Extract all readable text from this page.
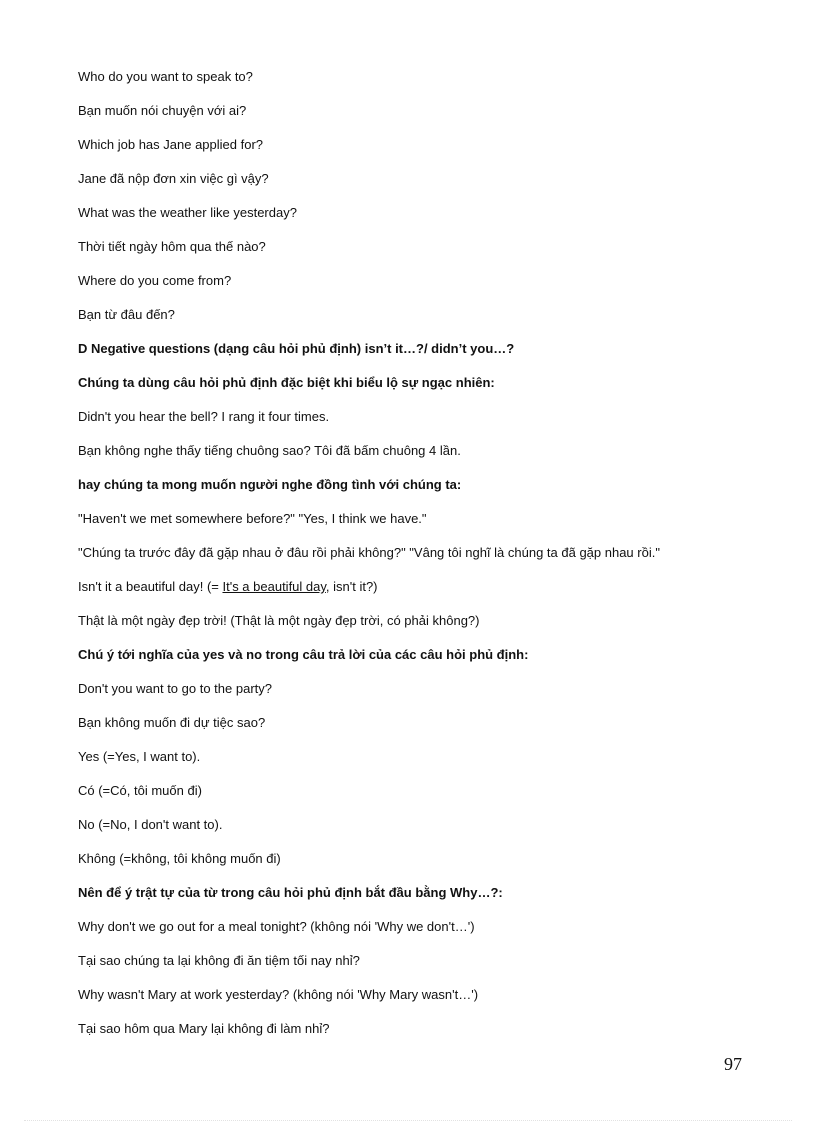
Who do you want to speak to?
Bạn muốn nói chuyện với ai?
Which job has Jane applied for?
Jane đã nộp đơn xin việc gì vậy?
What was the weather like yesterday?
Thời tiết ngày hôm qua thế nào?
Where do you come from?
Bạn từ đâu đến?
D Negative questions (dạng câu hỏi phủ định) isn’t it…?/ didn’t you…?
Chúng ta dùng câu hỏi phủ định đặc biệt khi biểu lộ sự ngạc nhiên:
Didn't you hear the bell? I rang it four times.
Bạn không nghe thấy tiếng chuông sao? Tôi đã bấm chuông 4 lần.
hay chúng ta mong muốn người nghe đồng tình với chúng ta:
"Haven't we met somewhere before?" "Yes, I think we have."
"Chúng ta trước đây đã gặp nhau ở đâu rồi phải không?" "Vâng tôi nghĩ là chúng ta đã gặp nhau rồi."
Isn't it a beautiful day! (= It's a beautiful day, isn't it?)
Thật là một ngày đẹp trời! (Thật là một ngày đẹp trời, có phải không?)
Chú ý tới nghĩa của yes và no trong câu trả lời của các câu hỏi phủ định:
Don't you want to go to the party?
Bạn không muốn đi dự tiệc sao?
Yes (=Yes, I want to).
Có (=Có, tôi muốn đi)
No (=No, I don't want to).
Không (=không, tôi không muốn đi)
Nên để ý trật tự của từ trong câu hỏi phủ định bắt đầu bằng Why…?:
Why don't we go out for a meal tonight? (không nói 'Why we don't…')
Tại sao chúng ta lại không đi ăn tiệm tối nay nhỉ?
Why wasn't Mary at work yesterday? (không nói 'Why Mary wasn't…')
Tại sao hôm qua Mary lại không đi làm nhỉ?
97
